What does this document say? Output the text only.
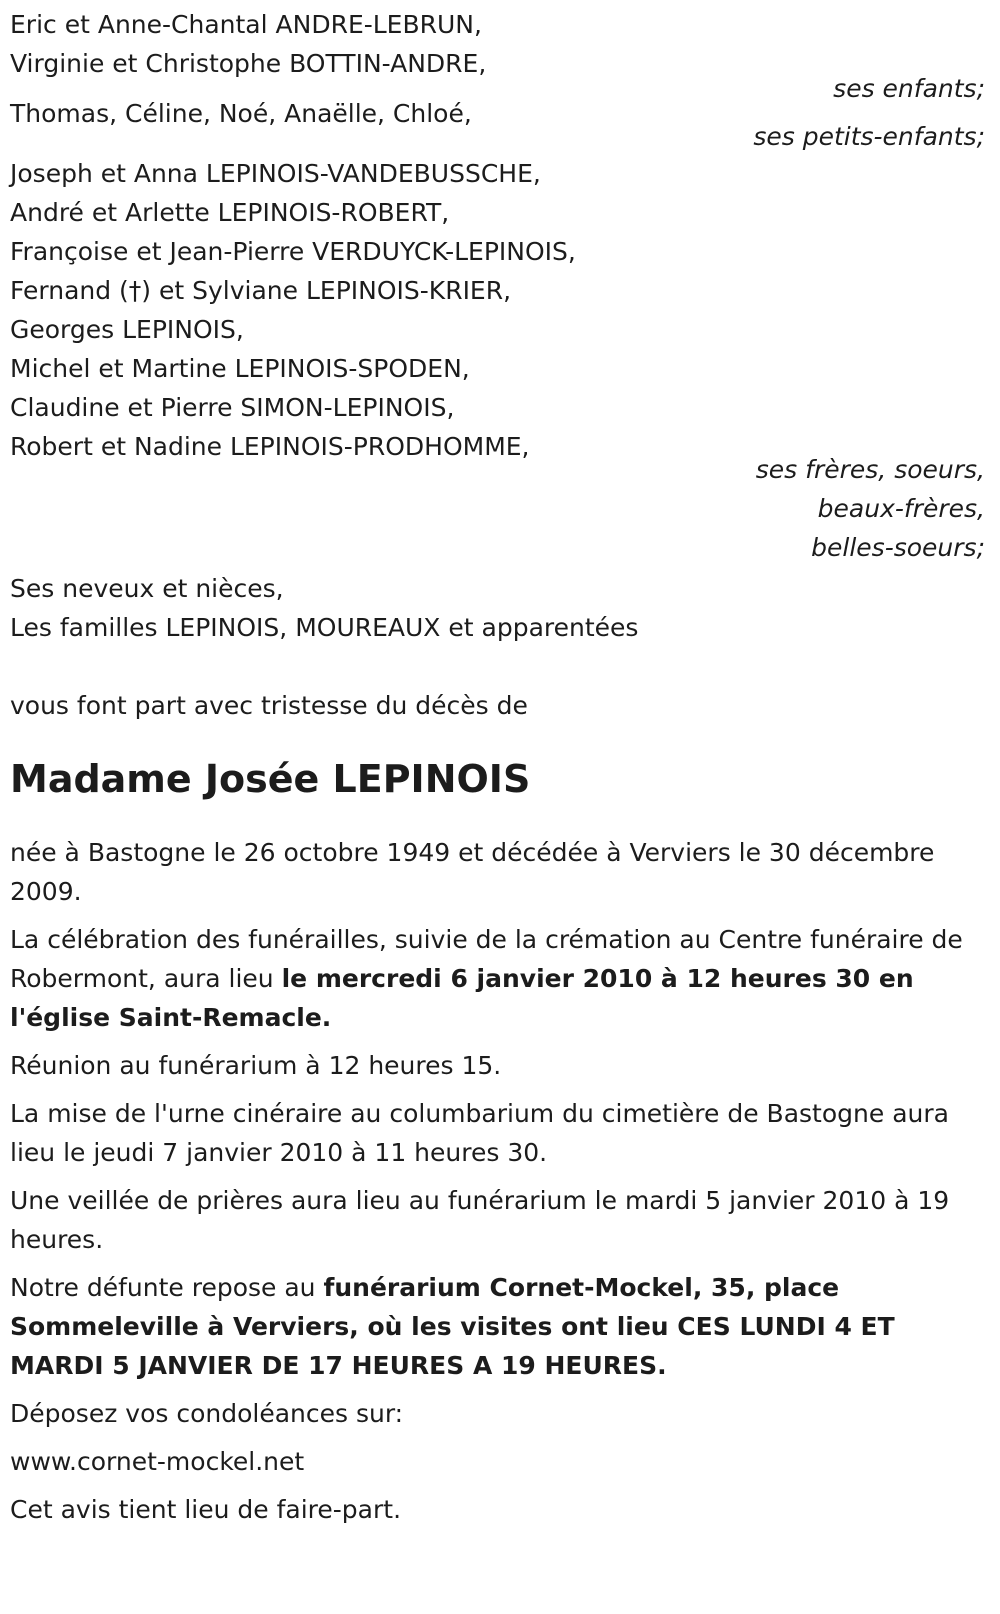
Eric et Anne-Chantal ANDRE-LEBRUN,
Virginie et Christophe BOTTIN-ANDRE,
ses enfants;
Thomas, Céline, Noé, Anaëlle, Chloé,
ses petits-enfants;
Joseph et Anna LEPINOIS-VANDEBUSSCHE,
André et Arlette LEPINOIS-ROBERT,
Françoise et Jean-Pierre VERDUYCK-LEPINOIS,
Fernand (†) et Sylviane LEPINOIS-KRIER,
Georges LEPINOIS,
Michel et Martine LEPINOIS-SPODEN,
Claudine et Pierre SIMON-LEPINOIS,
Robert et Nadine LEPINOIS-PRODHOMME,
ses frères, soeurs, beaux-frères, belles-soeurs;
Ses neveux et nièces,
Les familles LEPINOIS, MOUREAUX et apparentées
vous font part avec tristesse du décès de
Madame Josée LEPINOIS
née à Bastogne le 26 octobre 1949 et décédée à Verviers le 30 décembre 2009.
La célébration des funérailles, suivie de la crémation au Centre funéraire de Robermont, aura lieu le mercredi 6 janvier 2010 à 12 heures 30 en l'église Saint-Remacle.
Réunion au funérarium à 12 heures 15.
La mise de l'urne cinéraire au columbarium du cimetière de Bastogne aura lieu le jeudi 7 janvier 2010 à 11 heures 30.
Une veillée de prières aura lieu au funérarium le mardi 5 janvier 2010 à 19 heures.
Notre défunte repose au funérarium Cornet-Mockel, 35, place Sommeleville à Verviers, où les visites ont lieu CES LUNDI 4 ET MARDI 5 JANVIER DE 17 HEURES A 19 HEURES.
Déposez vos condoléances sur:
www.cornet-mockel.net
Cet avis tient lieu de faire-part.
